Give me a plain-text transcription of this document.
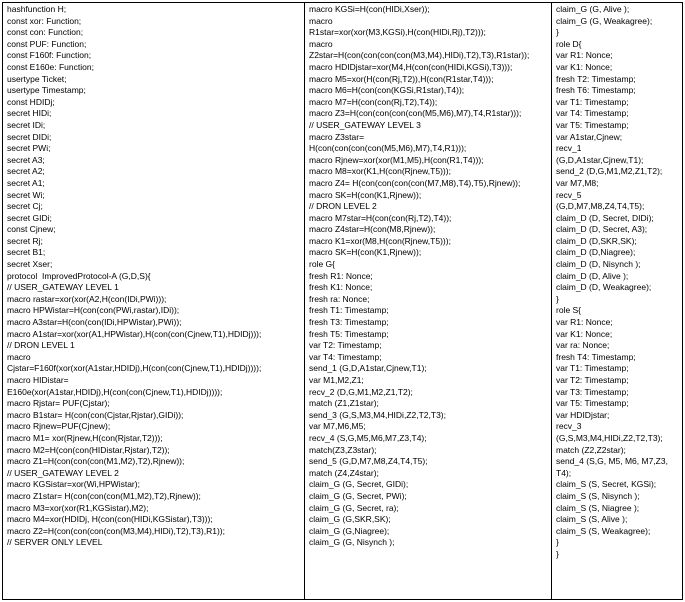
hashfunction H;
const xor: Function;
const con: Function;
const PUF: Function;
const F160f: Function;
const E160e: Function;
usertype Ticket;
usertype Timestamp;
const HDIDj;
secret HIDi;
secret IDi;
secret DIDi;
secret PWi;
secret A3;
secret A2;
secret A1;
secret Wi;
secret Cj;
secret GIDi;
const Cjnew;
secret Rj;
secret B1;
secret Xser;
protocol  ImprovedProtocol-A (G,D,S){
// USER_GATEWAY LEVEL 1
macro rastar=xor(xor(A2,H(con(IDi,PWi)));
macro HPWistar=H(con(con(PWi,rastar),IDi));
macro A3star=H(con(con(IDi,HPWistar),PWi));
macro A1star=xor(xor(A1,HPWistar),H(con(con(Cjnew,T1),HDIDj)));
// DRON LEVEL 1
macro
Cjstar=F160f(xor(xor(A1star,HDIDj),H(con(con(Cjnew,T1),HDIDj))));
macro HIDistar=
E160e(xor(A1star,HDIDj),H(con(con(Cjnew,T1),HDIDj))));
macro Rjstar= PUF(Cjstar);
macro B1star= H(con(con(Cjstar,Rjstar),GIDi));
macro Rjnew=PUF(Cjnew);
macro M1= xor(Rjnew,H(con(Rjstar,T2)));
macro M2=H(con(con(HIDistar,Rjstar),T2));
macro Z1=H(con(con(con(M1,M2),T2),Rjnew));
// USER_GATEWAY LEVEL 2
macro KGSistar=xor(Wi,HPWistar);
macro Z1star= H(con(con(con(M1,M2),T2),Rjnew));
macro M3=xor(xor(R1,KGSistar),M2);
macro M4=xor(HDIDj, H(con(con(HIDi,KGSistar),T3)));
macro Z2=H(con(con(con(con(M3,M4),HIDi),T2),T3),R1));
// SERVER ONLY LEVEL
macro KGSi=H(con(HIDi,Xser));
macro
R1star=xor(xor(M3,KGSi),H(con(HIDi,Rj),T2)));
macro
Z2star=H(con(con(con(con(M3,M4),HIDi),T2),T3),R1star));
macro HDIDjstar=xor(M4,H(con(con(HIDi,KGSi),T3)));
macro M5=xor(H(con(Rj,T2)),H(con(R1star,T4)));
macro M6=H(con(con(KGSi,R1star),T4));
macro M7=H(con(con(Rj,T2),T4));
macro Z3=H(con(con(con(con(M5,M6),M7),T4,R1star)));
// USER_GATEWAY LEVEL 3
macro Z3star=
H(con(con(con(con(M5,M6),M7),T4,R1)));
macro Rjnew=xor(xor(M1,M5),H(con(R1,T4)));
macro M8=xor(K1,H(con(Rjnew,T5)));
macro Z4= H(con(con(con(con(M7,M8),T4),T5),Rjnew));
macro SK=H(con(K1,Rjnew));
// DRON LEVEL 2
macro M7star=H(con(con(Rj,T2),T4));
macro Z4star=H(con(M8,Rjnew));
macro K1=xor(M8,H(con(Rjnew,T5)));
macro SK=H(con(K1,Rjnew));
role G{
fresh R1: Nonce;
fresh K1: Nonce;
fresh ra: Nonce;
fresh T1: Timestamp;
fresh T3: Timestamp;
fresh T5: Timestamp;
var T2: Timestamp;
var T4: Timestamp;
send_1 (G,D,A1star,Cjnew,T1);
var M1,M2,Z1;
recv_2 (D,G,M1,M2,Z1,T2);
match (Z1,Z1star);
send_3 (G,S,M3,M4,HIDi,Z2,T2,T3);
var M7,M6,M5;
recv_4 (S,G,M5,M6,M7,Z3,T4);
match(Z3,Z3star);
send_5 (G,D,M7,M8,Z4,T4,T5);
match (Z4,Z4star);
claim_G (G, Secret, GIDi);
claim_G (G, Secret, PWi);
claim_G (G, Secret, ra);
claim_G (G,SKR,SK);
claim_G (G,Niagree);
claim_G (G, Nisynch );
claim_G (G, Alive );
claim_G (G, Weakagree);
}
role D{
var R1: Nonce;
var K1: Nonce;
fresh T2: Timestamp;
fresh T6: Timestamp;
var T1: Timestamp;
var T4: Timestamp;
var T5: Timestamp;
var A1star,Cjnew;
recv_1
(G,D,A1star,Cjnew,T1);
send_2 (D,G,M1,M2,Z1,T2);
var M7,M8;
recv_5
(G,D,M7,M8,Z4,T4,T5);
claim_D (D, Secret, DIDi);
claim_D (D, Secret, A3);
claim_D (D,SKR,SK);
claim_D (D,Niagree);
claim_D (D, Nisynch );
claim_D (D, Alive );
claim_D (D, Weakagree);
}
role S{
var R1: Nonce;
var K1: Nonce;
var ra: Nonce;
fresh T4: Timestamp;
var T1: Timestamp;
var T2: Timestamp;
var T3: Timestamp;
var T5: Timestamp;
var HDIDjstar;
recv_3
(G,S,M3,M4,HIDi,Z2,T2,T3);
match (Z2,Z2star);
send_4 (S,G, M5, M6, M7,Z3,
T4);
claim_S (S, Secret, KGSi);
claim_S (S, Nisynch );
claim_S (S, Niagree );
claim_S (S, Alive );
claim_S (S, Weakagree);
}
}
